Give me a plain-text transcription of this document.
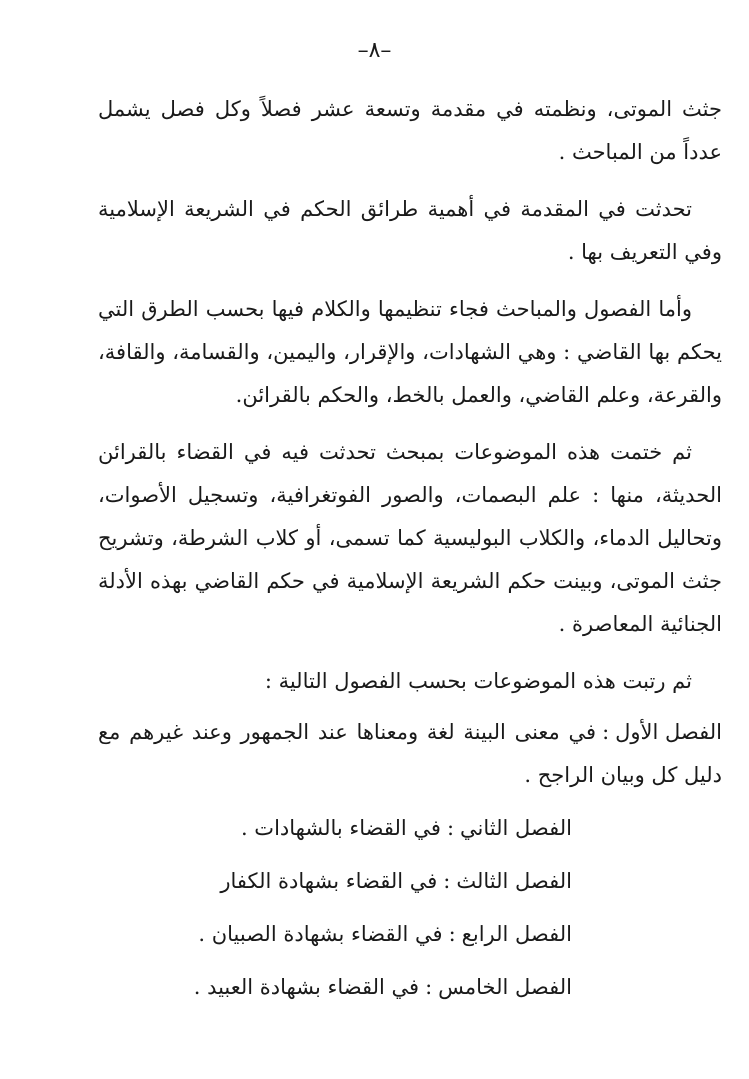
–٨–

جثث الموتى، ونظمته في مقدمة وتسعة عشر فصلاً وكل فصل يشمل عدداً من المباحث .

تحدثت في المقدمة في أهمية طرائق الحكم في الشريعة الإسلامية وفي التعريف بها .

وأما الفصول والمباحث فجاء تنظيمها والكلام فيها بحسب الطرق التي يحكم بها القاضي : وهي الشهادات، والإقرار، واليمين، والقسامة، والقافة، والقرعة، وعلم القاضي، والعمل بالخط، والحكم بالقرائن.

ثم ختمت هذه الموضوعات بمبحث تحدثت فيه في القضاء بالقرائن الحديثة، منها : علم البصمات، والصور الفوتغرافية، وتسجيل الأصوات، وتحاليل الدماء، والكلاب البوليسية كما تسمى، أو كلاب الشرطة، وتشريح جثث الموتى، وبينت حكم الشريعة الإسلامية في حكم القاضي بهذه الأدلة الجنائية المعاصرة .

ثم رتبت هذه الموضوعات بحسب الفصول التالية :

الفصل الأول:في معنى البينة لغة ومعناها عند الجمهور وعند غيرهم مع دليل كل وبيان الراجح .
الفصل الثاني:في القضاء بالشهادات .
الفصل الثالث:في القضاء بشهادة الكفار
الفصل الرابع:في القضاء بشهادة الصبيان .
الفصل الخامس:في القضاء بشهادة العبيد .
